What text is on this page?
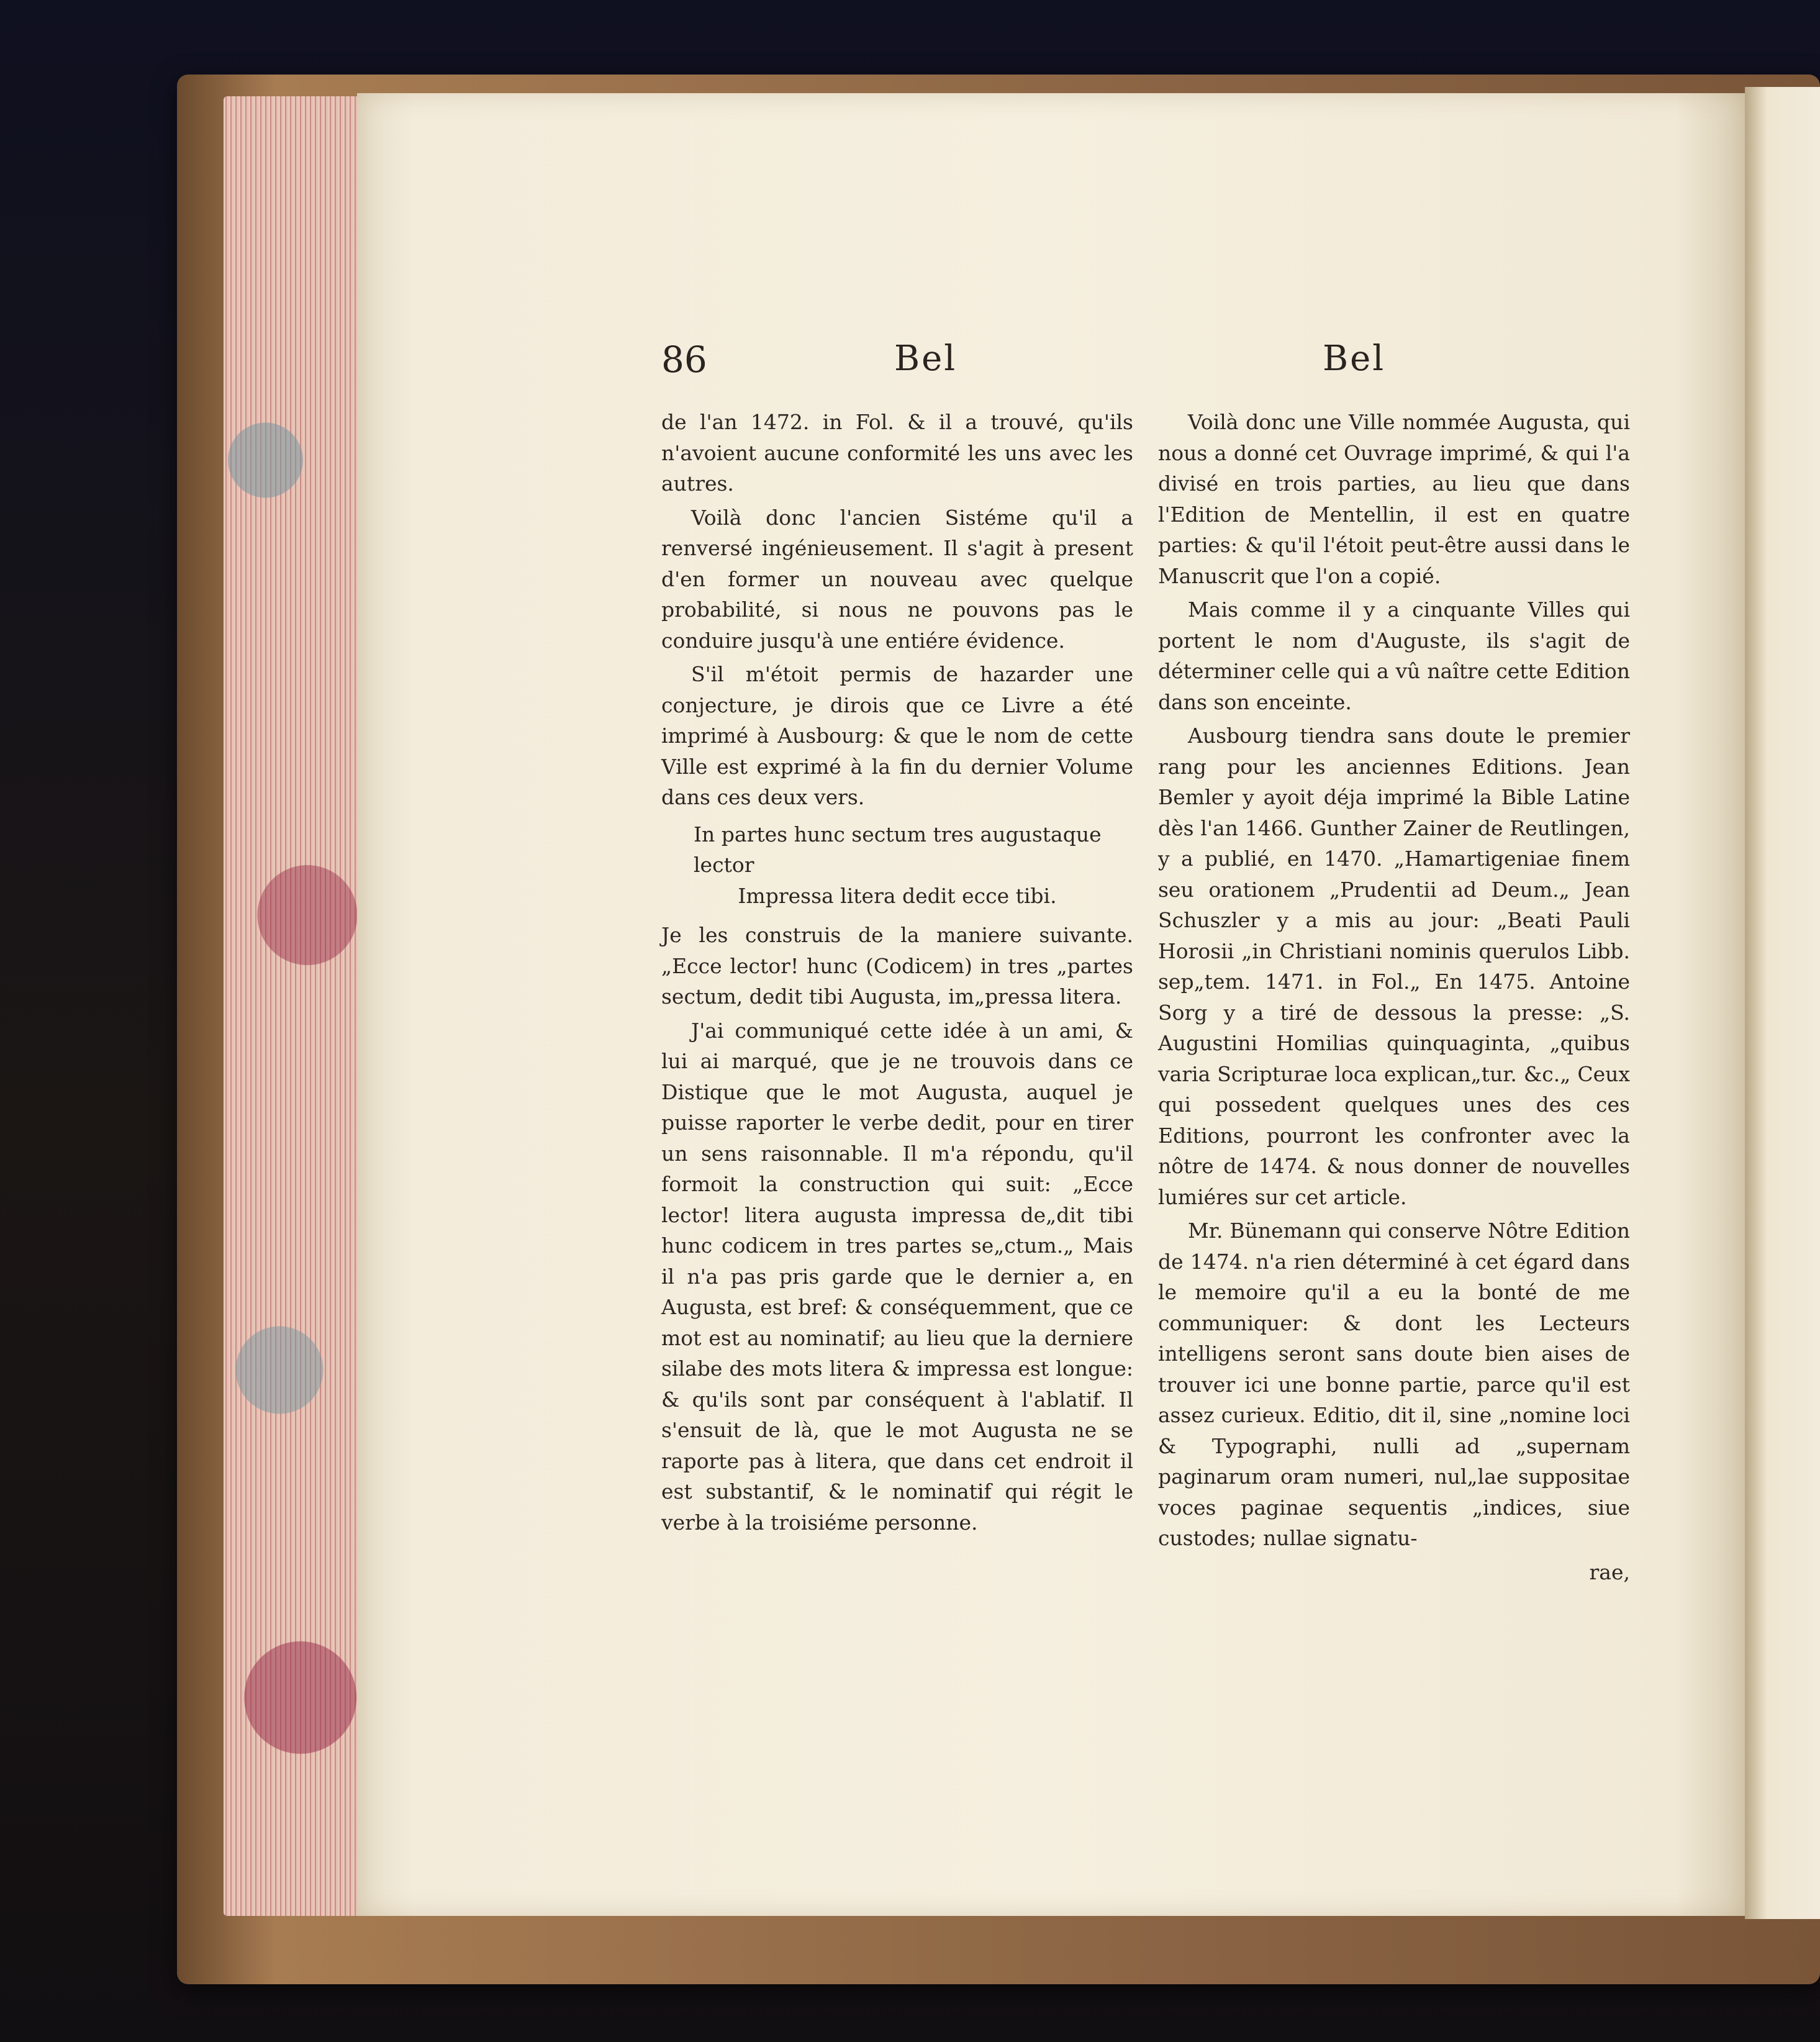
86	Bel	Bel

de l'an 1472. in Fol. & il a trouvé, qu'ils n'avoient aucune conformité les uns avec les autres.

Voilà donc l'ancien Sistéme qu'il a renversé ingénieusement. Il s'agit à present d'en former un nouveau avec quelque probabilité, si nous ne pouvons pas le conduire jusqu'à une entiére évidence.

S'il m'étoit permis de hazarder une conjecture, je dirois que ce Livre a été imprimé à Ausbourg: & que le nom de cette Ville est exprimé à la fin du dernier Volume dans ces deux vers.

In partes hunc sectum tres augustaque lector
Impressa litera dedit ecce tibi.

Je les construis de la maniere suivante. „Ecce lector! hunc (Codicem) in tres „partes sectum, dedit tibi Augusta, im„pressa litera.

J'ai communiqué cette idée à un ami, & lui ai marqué, que je ne trouvois dans ce Distique que le mot Augusta, auquel je puisse raporter le verbe dedit, pour en tirer un sens raisonnable. Il m'a répondu, qu'il formoit la construction qui suit: „Ecce lector! litera augusta impressa de„dit tibi hunc codicem in tres partes se„ctum.„ Mais il n'a pas pris garde que le dernier a, en Augusta, est bref: & conséquemment, que ce mot est au nominatif; au lieu que la derniere silabe des mots litera & impressa est longue: & qu'ils sont par conséquent à l'ablatif. Il s'ensuit de là, que le mot Augusta ne se raporte pas à litera, que dans cet endroit il est substantif, & le nominatif qui régit le verbe à la troisiéme personne.

Voilà donc une Ville nommée Augusta, qui nous a donné cet Ouvrage imprimé, & qui l'a divisé en trois parties, au lieu que dans l'Edition de Mentellin, il est en quatre parties: & qu'il l'étoit peut-être aussi dans le Manuscrit que l'on a copié.

Mais comme il y a cinquante Villes qui portent le nom d'Auguste, ils s'agit de déterminer celle qui a vû naître cette Edition dans son enceinte.

Ausbourg tiendra sans doute le premier rang pour les anciennes Editions. Jean Bemler y ayoit déja imprimé la Bible Latine dès l'an 1466. Gunther Zainer de Reutlingen, y a publié, en 1470. „Hamartigeniae finem seu orationem „Prudentii ad Deum.„ Jean Schuszler y a mis au jour: „Beati Pauli Horosii „in Christiani nominis querulos Libb. sep„tem. 1471. in Fol.„ En 1475. Antoine Sorg y a tiré de dessous la presse: „S. Augustini Homilias quinquaginta, „quibus varia Scripturae loca explican„tur. &c.„ Ceux qui possedent quelques unes des ces Editions, pourront les confronter avec la nôtre de 1474. & nous donner de nouvelles lumiéres sur cet article.

Mr. Bünemann qui conserve Nôtre Edition de 1474. n'a rien déterminé à cet égard dans le memoire qu'il a eu la bonté de me communiquer: & dont les Lecteurs intelligens seront sans doute bien aises de trouver ici une bonne partie, parce qu'il est assez curieux. Editio, dit il, sine „nomine loci & Typographi, nulli ad „supernam paginarum oram numeri, nul„lae suppositae voces paginae sequentis „indices, siue custodes; nullae signatu-

rae,
